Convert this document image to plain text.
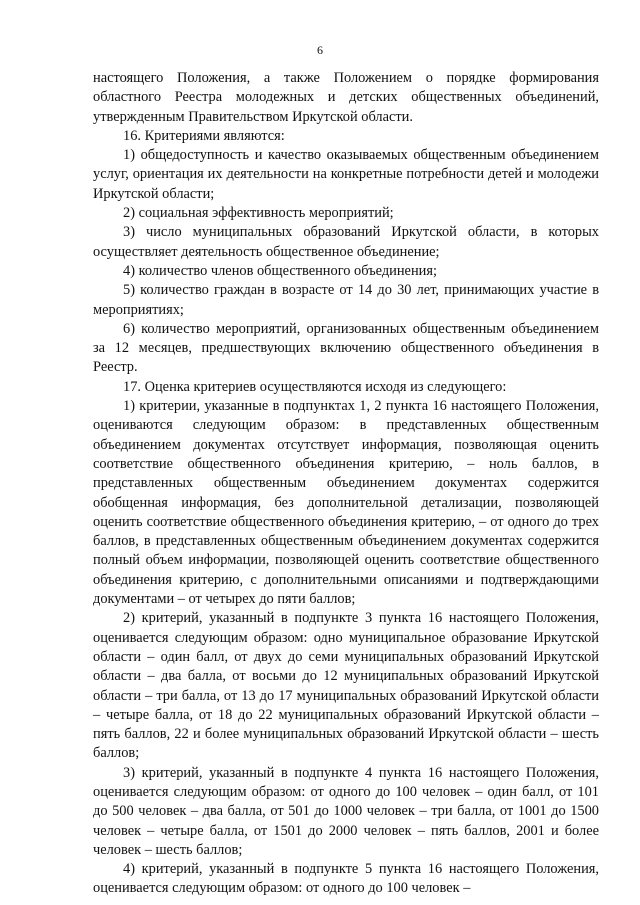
6

настоящего Положения, а также Положением о порядке формирования областного Реестра молодежных и детских общественных объединений, утвержденным Правительством Иркутской области.

16. Критериями являются:

1) общедоступность и качество оказываемых общественным объединением услуг, ориентация их деятельности на конкретные потребности детей и молодежи Иркутской области;

2) социальная эффективность мероприятий;

3) число муниципальных образований Иркутской области, в которых осуществляет деятельность общественное объединение;

4) количество членов общественного объединения;

5) количество граждан в возрасте от 14 до 30 лет, принимающих участие в мероприятиях;

6) количество мероприятий, организованных общественным объединением за 12 месяцев, предшествующих включению общественного объединения в Реестр.

17. Оценка критериев осуществляются исходя из следующего:

1) критерии, указанные в подпунктах 1, 2 пункта 16 настоящего Положения, оцениваются следующим образом: в представленных общественным объединением документах отсутствует информация, позволяющая оценить соответствие общественного объединения критерию, – ноль баллов, в представленных общественным объединением документах содержится обобщенная информация, без дополнительной детализации, позволяющей оценить соответствие общественного объединения критерию, – от одного до трех баллов, в представленных общественным объединением документах содержится полный объем информации, позволяющей оценить соответствие общественного объединения критерию, с дополнительными описаниями и подтверждающими документами – от четырех до пяти баллов;

2) критерий, указанный в подпункте 3 пункта 16 настоящего Положения, оценивается следующим образом: одно муниципальное образование Иркутской области – один балл, от двух до семи муниципальных образований Иркутской области – два балла, от восьми до 12 муниципальных образований Иркутской области – три балла, от 13 до 17 муниципальных образований Иркутской области – четыре балла, от 18 до 22 муниципальных образований Иркутской области – пять баллов, 22 и более муниципальных образований Иркутской области – шесть баллов;

3) критерий, указанный в подпункте 4 пункта 16 настоящего Положения, оценивается следующим образом: от одного до 100 человек – один балл, от 101 до 500 человек – два балла, от 501 до 1000 человек – три балла, от 1001 до 1500 человек – четыре балла, от 1501 до 2000 человек – пять баллов, 2001 и более человек – шесть баллов;

4) критерий, указанный в подпункте 5 пункта 16 настоящего Положения, оценивается следующим образом: от одного до 100 человек –
